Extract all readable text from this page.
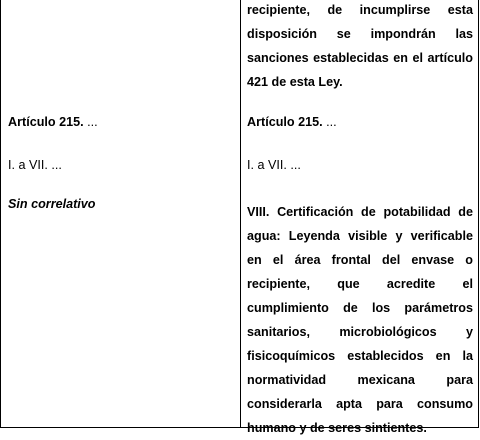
Artículo 215. ...

I. a VII. ...

Sin correlativo

recipiente, de incumplirse esta
disposición se impondrán las
sanciones establecidas en el artículo
421 de esta Ley.

Artículo 215. ...

I. a VII. ...

VIII. Certificación de potabilidad de
agua: Leyenda visible y verificable
en el área frontal del envase o
recipiente, que acredite el
cumplimiento de los parámetros
sanitarios, microbiológicos y
fisicoquímicos establecidos en la
normatividad mexicana para
considerarla apta para consumo
humano y de seres sintientes.
